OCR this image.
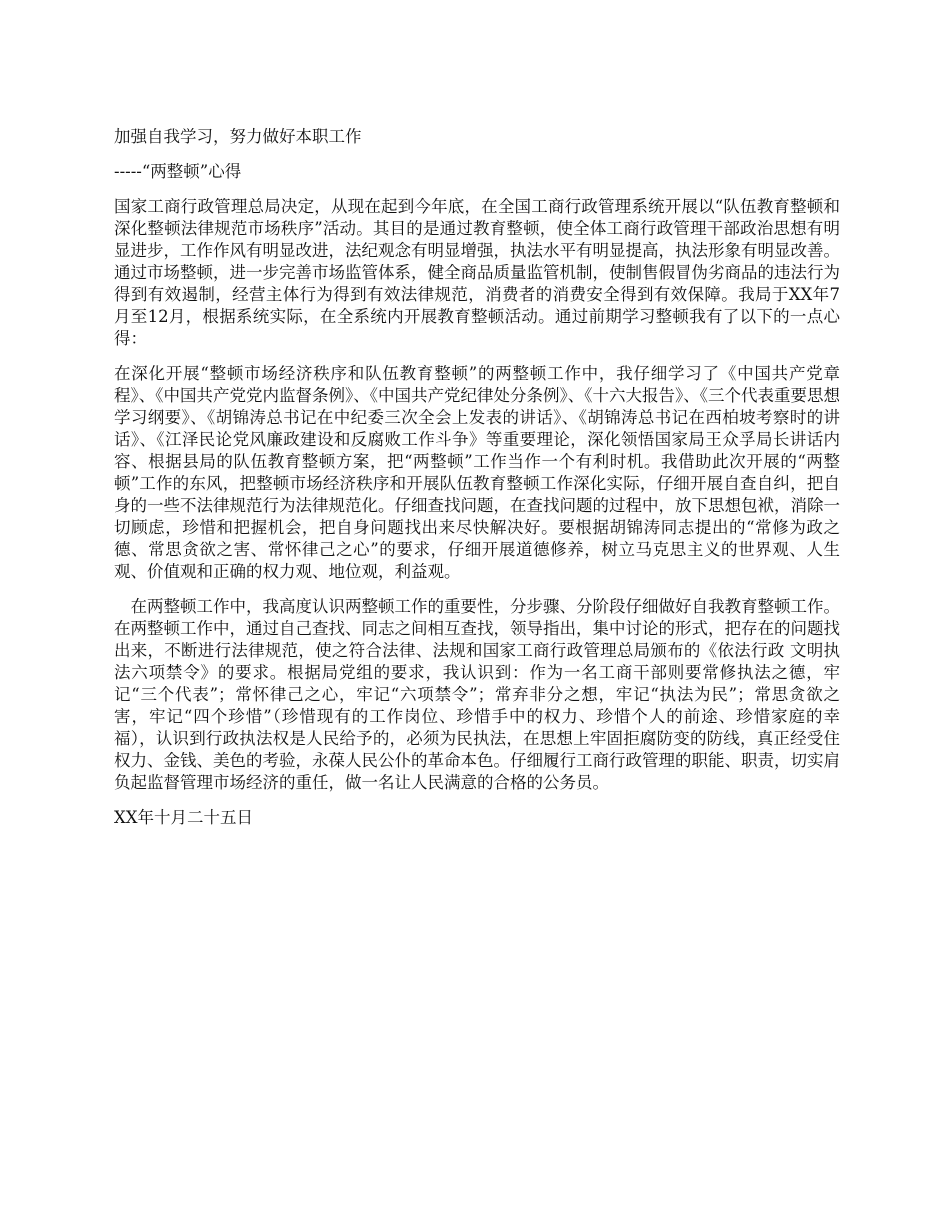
加强自我学习，努力做好本职工作

-----“两整顿”心得

国家工商行政管理总局决定，从现在起到今年底，在全国工商行政管理系统开展以“队伍教育整顿和深化整顿法律规范市场秩序”活动。其目的是通过教育整顿，使全体工商行政管理干部政治思想有明显进步，工作作风有明显改进，法纪观念有明显增强，执法水平有明显提高，执法形象有明显改善。通过市场整顿，进一步完善市场监管体系，健全商品质量监管机制，使制售假冒伪劣商品的违法行为得到有效遏制，经营主体行为得到有效法律规范，消费者的消费安全得到有效保障。我局于XX年7月至12月，根据系统实际，在全系统内开展教育整顿活动。通过前期学习整顿我有了以下的一点心得：

在深化开展“整顿市场经济秩序和队伍教育整顿”的两整顿工作中，我仔细学习了《中国共产党章程》、《中国共产党党内监督条例》、《中国共产党纪律处分条例》、《十六大报告》、《三个代表重要思想学习纲要》、《胡锦涛总书记在中纪委三次全会上发表的讲话》、《胡锦涛总书记在西柏坡考察时的讲话》、《江泽民论党风廉政建设和反腐败工作斗争》等重要理论，深化领悟国家局王众孚局长讲话内容、根据县局的队伍教育整顿方案，把“两整顿”工作当作一个有利时机。我借助此次开展的“两整顿”工作的东风，把整顿市场经济秩序和开展队伍教育整顿工作深化实际，仔细开展自查自纠，把自身的一些不法律规范行为法律规范化。仔细查找问题，在查找问题的过程中，放下思想包袱，消除一切顾虑，珍惜和把握机会，把自身问题找出来尽快解决好。要根据胡锦涛同志提出的“常修为政之德、常思贪欲之害、常怀律己之心”的要求，仔细开展道德修养，树立马克思主义的世界观、人生观、价值观和正确的权力观、地位观，利益观。

在两整顿工作中，我高度认识两整顿工作的重要性，分步骤、分阶段仔细做好自我教育整顿工作。在两整顿工作中，通过自己查找、同志之间相互查找，领导指出，集中讨论的形式，把存在的问题找出来，不断进行法律规范，使之符合法律、法规和国家工商行政管理总局颁布的《依法行政 文明执法六项禁令》的要求。根据局党组的要求，我认识到：作为一名工商干部则要常修执法之德，牢记“三个代表”；常怀律己之心，牢记“六项禁令”；常弃非分之想，牢记“执法为民”；常思贪欲之害，牢记“四个珍惜”（珍惜现有的工作岗位、珍惜手中的权力、珍惜个人的前途、珍惜家庭的幸福），认识到行政执法权是人民给予的，必须为民执法，在思想上牢固拒腐防变的防线，真正经受住权力、金钱、美色的考验，永葆人民公仆的革命本色。仔细履行工商行政管理的职能、职责，切实肩负起监督管理市场经济的重任，做一名让人民满意的合格的公务员。

XX年十月二十五日
